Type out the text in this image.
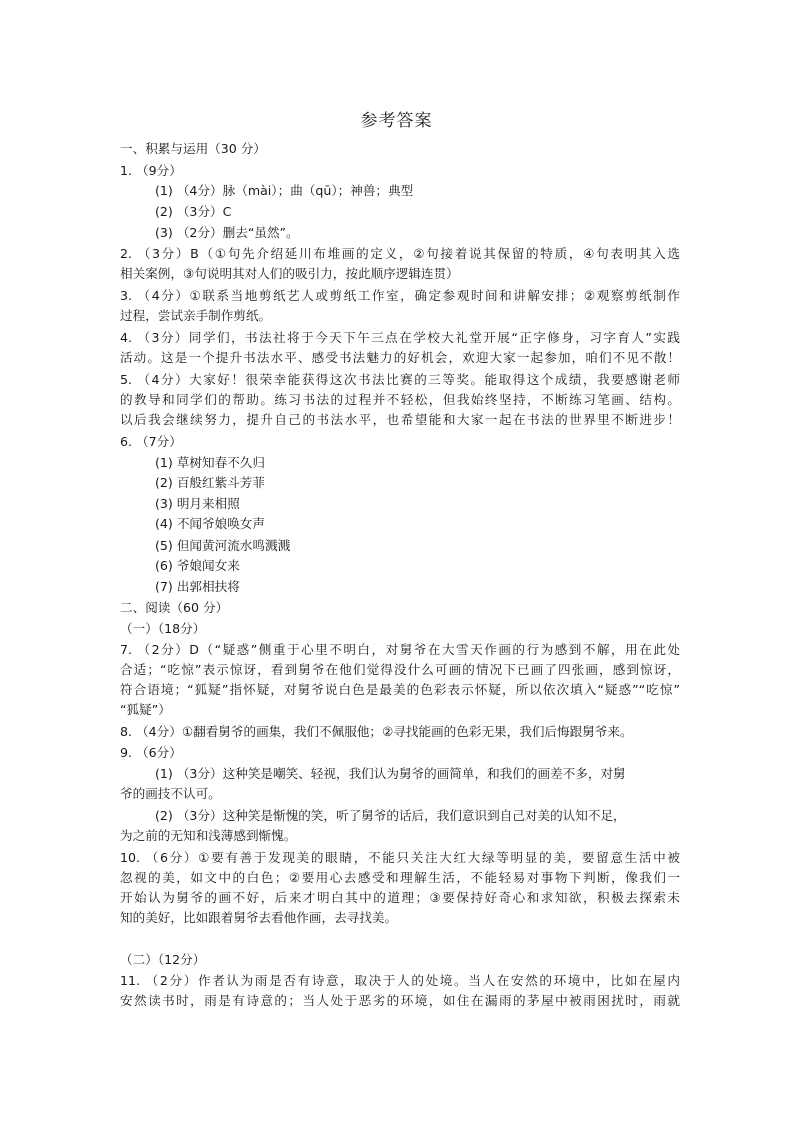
参考答案
一、积累与运用（30 分）
1. （9分）
(1) （4分）脉（mài）；曲（qū）；神兽；典型
(2) （3分）C
(3) （2分）删去“虽然”。
2. （3分）B（①句先介绍延川布堆画的定义，②句接着说其保留的特质，④句表明其入选
相关案例，③句说明其对人们的吸引力，按此顺序逻辑连贯）
3. （4分）①联系当地剪纸艺人或剪纸工作室，确定参观时间和讲解安排；②观察剪纸制作
过程，尝试亲手制作剪纸。
4. （3分）同学们，书法社将于今天下午三点在学校大礼堂开展“正字修身，习字育人”实践
活动。这是一个提升书法水平、感受书法魅力的好机会，欢迎大家一起参加，咱们不见不散！
5. （4分）大家好！很荣幸能获得这次书法比赛的三等奖。能取得这个成绩，我要感谢老师
的教导和同学们的帮助。练习书法的过程并不轻松，但我始终坚持，不断练习笔画、结构。
以后我会继续努力，提升自己的书法水平，也希望能和大家一起在书法的世界里不断进步！
6. （7分）
(1) 草树知春不久归
(2) 百般红紫斗芳菲
(3) 明月来相照
(4) 不闻爷娘唤女声
(5) 但闻黄河流水鸣溅溅
(6) 爷娘闻女来
(7) 出郭相扶将
二、阅读（60 分）
（一）（18分）
7. （2分）D（“疑惑”侧重于心里不明白，对舅爷在大雪天作画的行为感到不解，用在此处
合适；“吃惊”表示惊讶，看到舅爷在他们觉得没什么可画的情况下已画了四张画，感到惊讶，
符合语境；“狐疑”指怀疑，对舅爷说白色是最美的色彩表示怀疑，所以依次填入“疑惑”“吃惊”
“狐疑”）
8. （4分）①翻看舅爷的画集，我们不佩服他；②寻找能画的色彩无果，我们后悔跟舅爷来。
9. （6分）
(1) （3分）这种笑是嘲笑、轻视，我们认为舅爷的画简单，和我们的画差不多，对舅
爷的画技不认可。
(2) （3分）这种笑是惭愧的笑，听了舅爷的话后，我们意识到自己对美的认知不足，
为之前的无知和浅薄感到惭愧。
10. （6分）①要有善于发现美的眼睛，不能只关注大红大绿等明显的美，要留意生活中被
忽视的美，如文中的白色；②要用心去感受和理解生活，不能轻易对事物下判断，像我们一
开始认为舅爷的画不好，后来才明白其中的道理；③要保持好奇心和求知欲，积极去探索未
知的美好，比如跟着舅爷去看他作画，去寻找美。
（二）（12分）
11. （2分）作者认为雨是否有诗意，取决于人的处境。当人在安然的环境中，比如在屋内
安然读书时，雨是有诗意的；当人处于恶劣的环境，如住在漏雨的茅屋中被雨困扰时，雨就
